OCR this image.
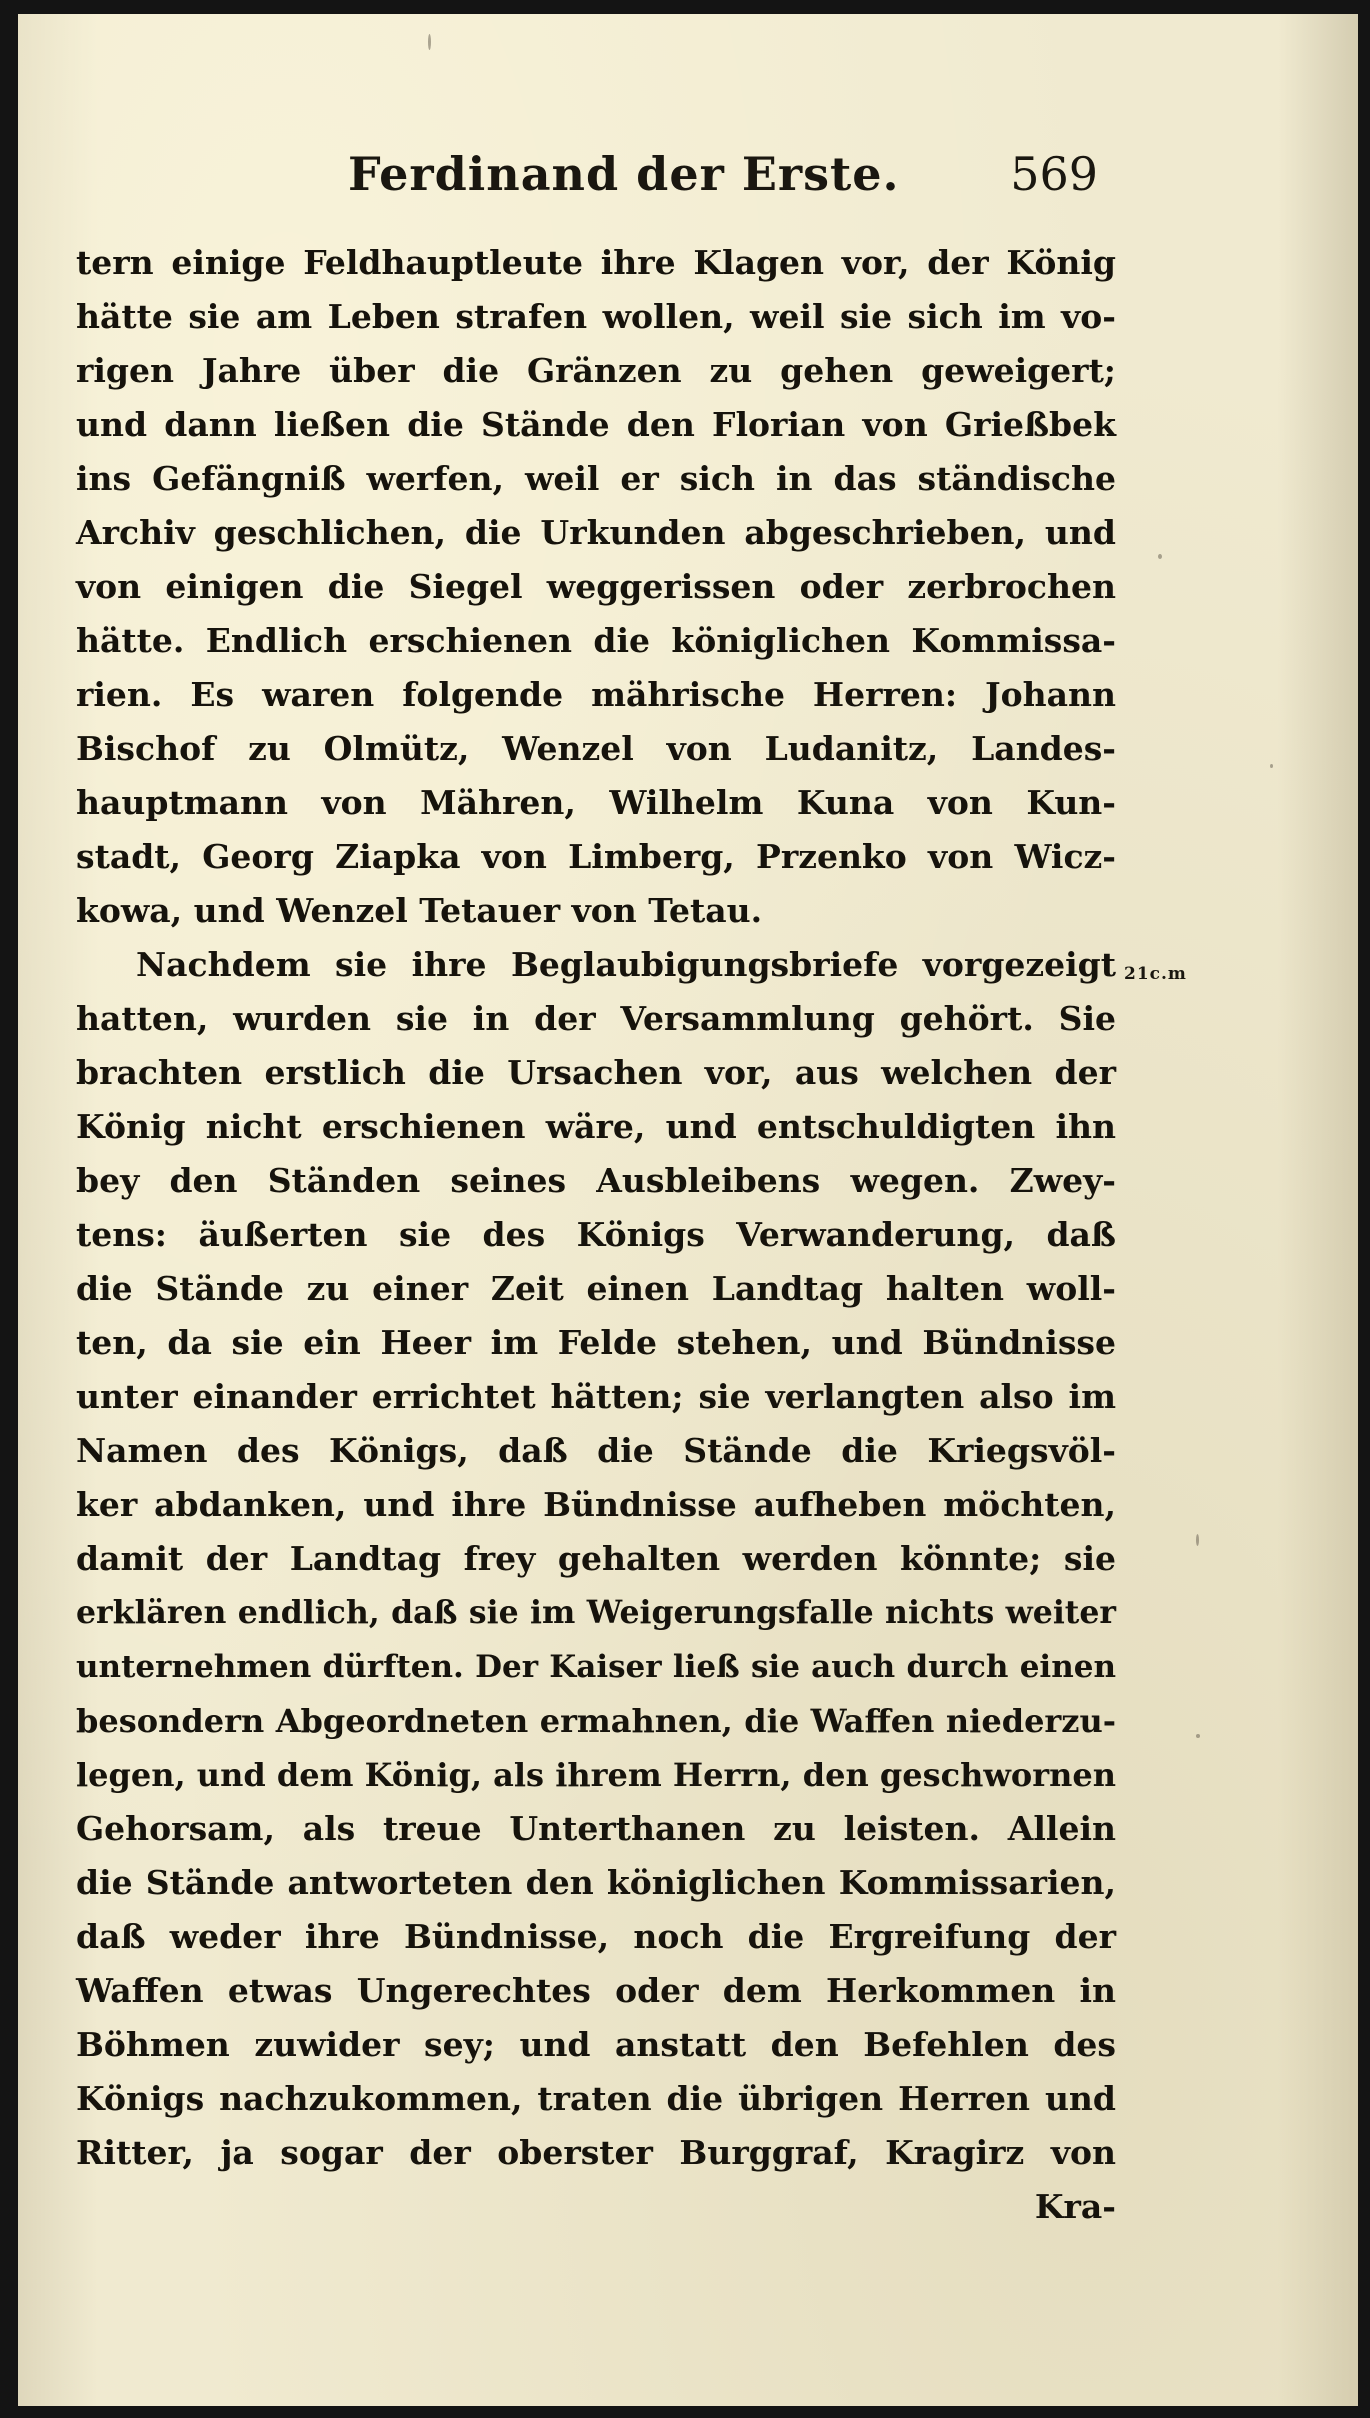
Ferdinand der Erste. 569
tern einige Feldhauptleute ihre Klagen vor, der König
hätte sie am Leben strafen wollen, weil sie sich im vo-
rigen Jahre über die Gränzen zu gehen geweigert;
und dann ließen die Stände den Florian von Grießbek
ins Gefängniß werfen, weil er sich in das ständische
Archiv geschlichen, die Urkunden abgeschrieben, und
von einigen die Siegel weggerissen oder zerbrochen
hätte. Endlich erschienen die königlichen Kommissa-
rien. Es waren folgende mährische Herren: Johann
Bischof zu Olmütz, Wenzel von Ludanitz, Landes-
hauptmann von Mähren, Wilhelm Kuna von Kun-
stadt, Georg Ziapka von Limberg, Przenko von Wicz-
kowa, und Wenzel Tetauer von Tetau.
Nachdem sie ihre Beglaubigungsbriefe vorgezeigt
hatten, wurden sie in der Versammlung gehört. Sie
brachten erstlich die Ursachen vor, aus welchen der
König nicht erschienen wäre, und entschuldigten ihn
bey den Ständen seines Ausbleibens wegen. Zwey-
tens: äußerten sie des Königs Verwanderung, daß
die Stände zu einer Zeit einen Landtag halten woll-
ten, da sie ein Heer im Felde stehen, und Bündnisse
unter einander errichtet hätten; sie verlangten also im
Namen des Königs, daß die Stände die Kriegsvöl-
ker abdanken, und ihre Bündnisse aufheben möchten,
damit der Landtag frey gehalten werden könnte; sie
erklären endlich, daß sie im Weigerungsfalle nichts weiter
unternehmen dürften. Der Kaiser ließ sie auch durch einen
besondern Abgeordneten ermahnen, die Waffen niederzu-
legen, und dem König, als ihrem Herrn, den geschwornen
Gehorsam, als treue Unterthanen zu leisten. Allein
die Stände antworteten den königlichen Kommissarien,
daß weder ihre Bündnisse, noch die Ergreifung der
Waffen etwas Ungerechtes oder dem Herkommen in
Böhmen zuwider sey; und anstatt den Befehlen des
Königs nachzukommen, traten die übrigen Herren und
Ritter, ja sogar der oberster Burggraf, Kragirz von
Kra-
21c.m
